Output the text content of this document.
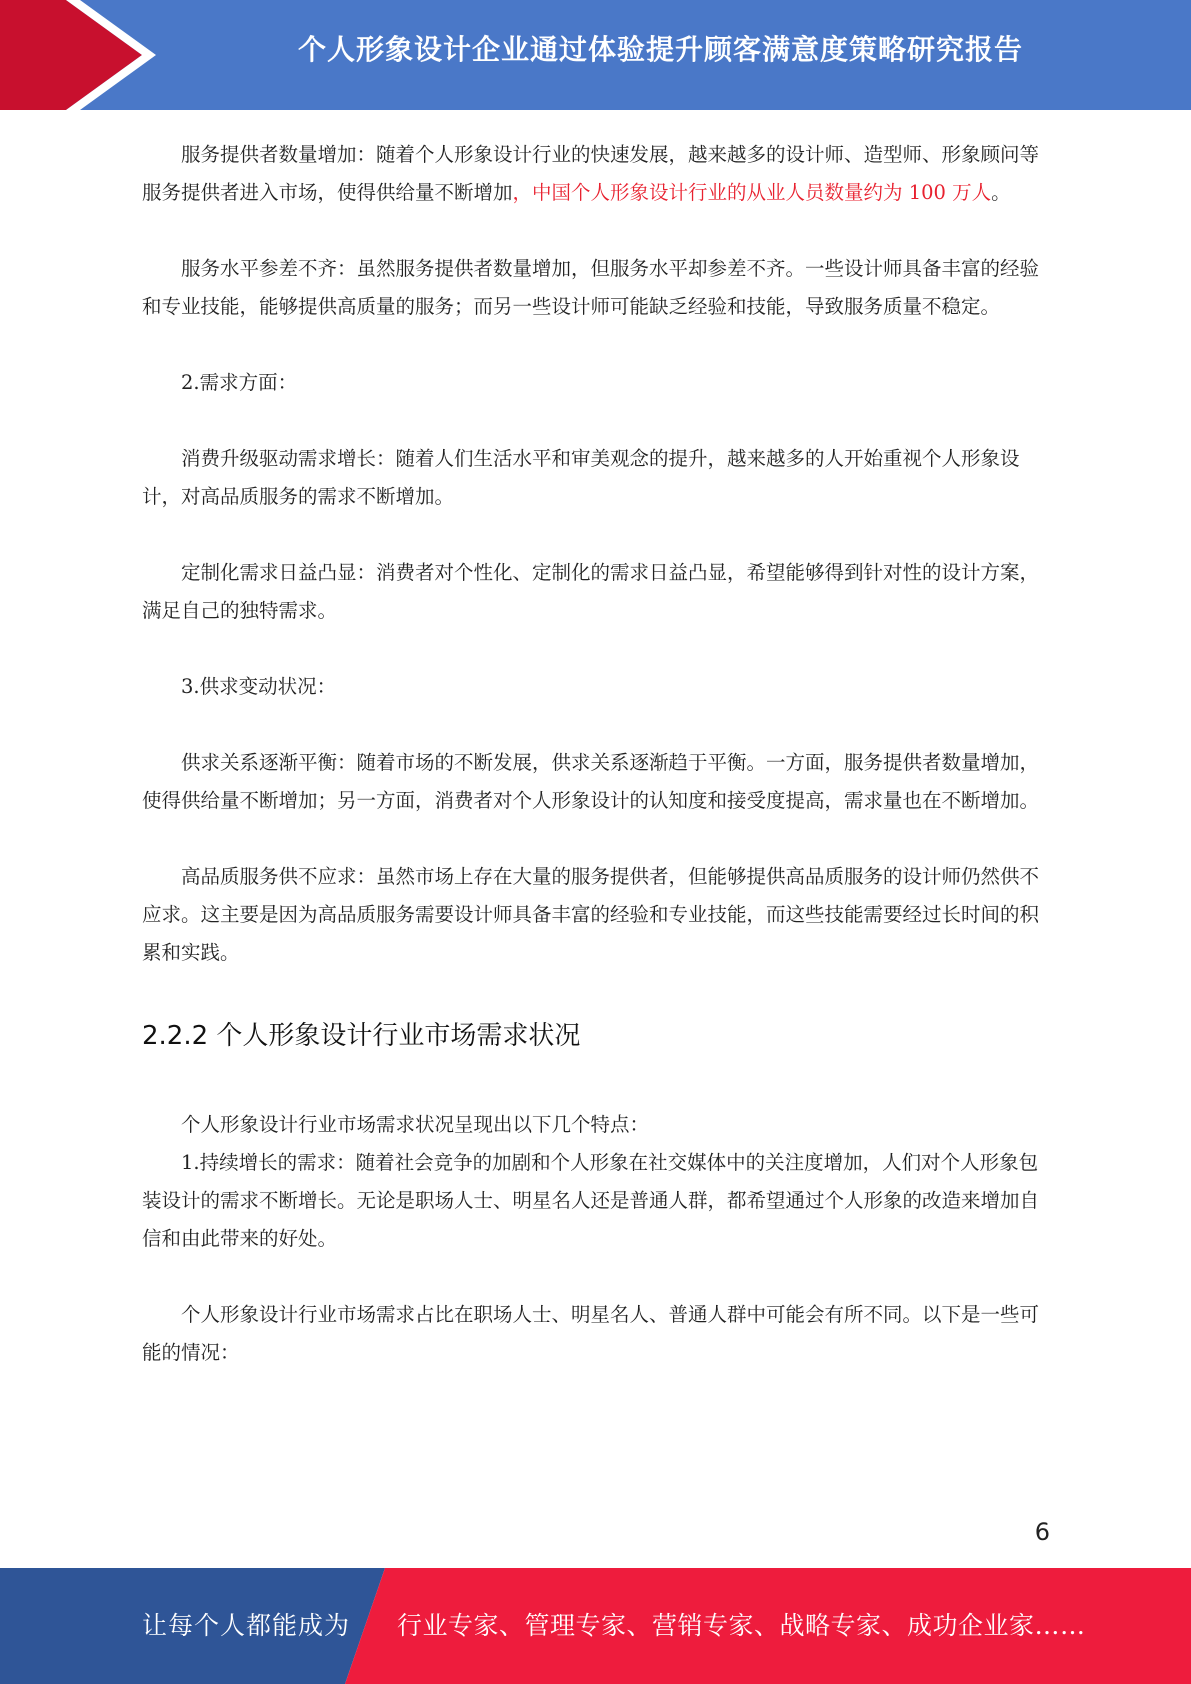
个人形象设计企业通过体验提升顾客满意度策略研究报告

服务提供者数量增加：随着个人形象设计行业的快速发展，越来越多的设计师、造型师、形象顾问等服务提供者进入市场，使得供给量不断增加，中国个人形象设计行业的从业人员数量约为 100 万人。

服务水平参差不齐：虽然服务提供者数量增加，但服务水平却参差不齐。一些设计师具备丰富的经验和专业技能，能够提供高质量的服务；而另一些设计师可能缺乏经验和技能，导致服务质量不稳定。

2.需求方面：

消费升级驱动需求增长：随着人们生活水平和审美观念的提升，越来越多的人开始重视个人形象设计，对高品质服务的需求不断增加。

定制化需求日益凸显：消费者对个性化、定制化的需求日益凸显，希望能够得到针对性的设计方案，满足自己的独特需求。

3.供求变动状况：

供求关系逐渐平衡：随着市场的不断发展，供求关系逐渐趋于平衡。一方面，服务提供者数量增加，使得供给量不断增加；另一方面，消费者对个人形象设计的认知度和接受度提高，需求量也在不断增加。

高品质服务供不应求：虽然市场上存在大量的服务提供者，但能够提供高品质服务的设计师仍然供不应求。这主要是因为高品质服务需要设计师具备丰富的经验和专业技能，而这些技能需要经过长时间的积累和实践。

2.2.2 个人形象设计行业市场需求状况

个人形象设计行业市场需求状况呈现出以下几个特点：

1.持续增长的需求：随着社会竞争的加剧和个人形象在社交媒体中的关注度增加，人们对个人形象包装设计的需求不断增长。无论是职场人士、明星名人还是普通人群，都希望通过个人形象的改造来增加自信和由此带来的好处。

个人形象设计行业市场需求占比在职场人士、明星名人、普通人群中可能会有所不同。以下是一些可能的情况：

6
让每个人都能成为 行业专家、管理专家、营销专家、战略专家、成功企业家……
